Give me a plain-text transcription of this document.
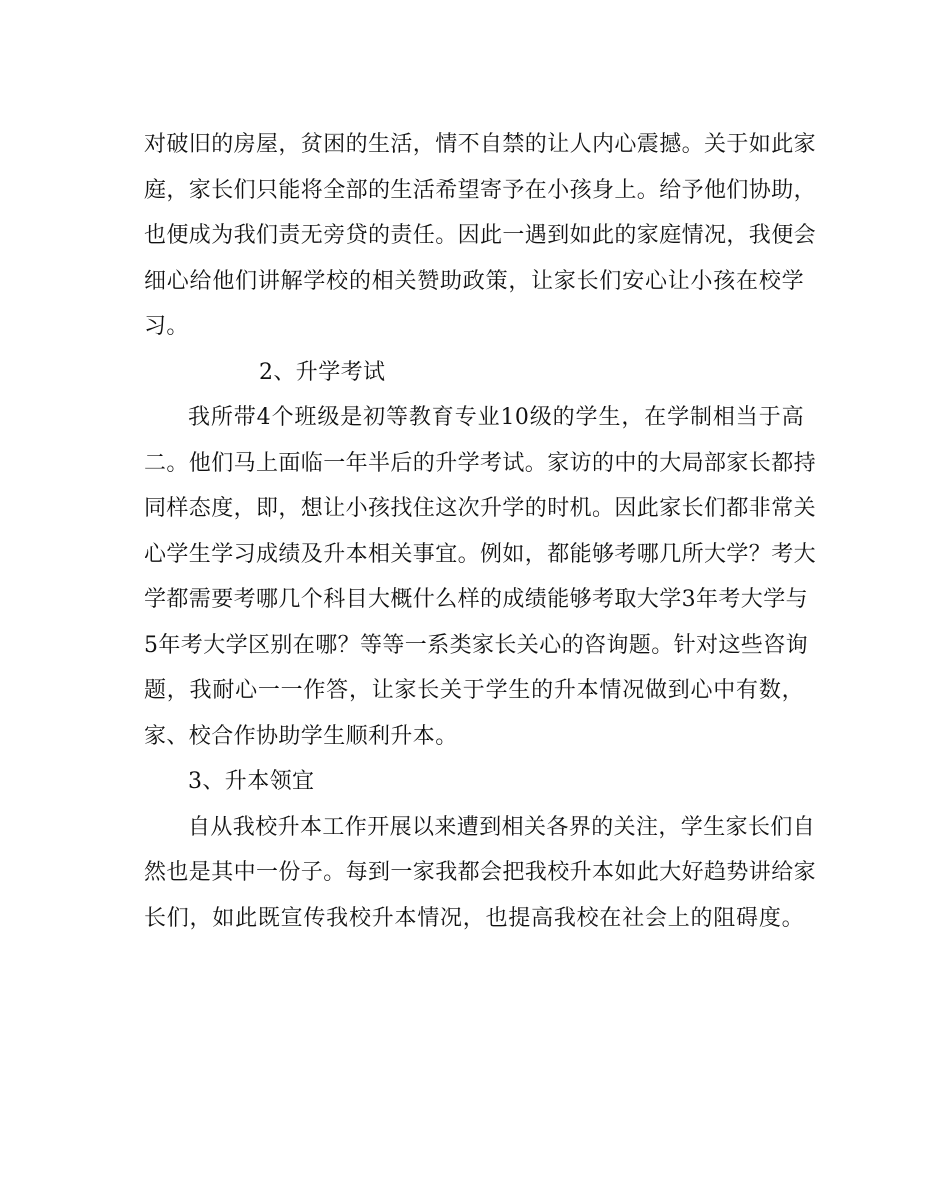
对破旧的房屋，贫困的生活，情不自禁的让人内心震撼。关于如此家
庭，家长们只能将全部的生活希望寄予在小孩身上。给予他们协助，
也便成为我们责无旁贷的责任。因此一遇到如此的家庭情况，我便会
细心给他们讲解学校的相关赞助政策，让家长们安心让小孩在校学
习。
2、升学考试
我所带4个班级是初等教育专业10级的学生，在学制相当于高
二。他们马上面临一年半后的升学考试。家访的中的大局部家长都持
同样态度，即，想让小孩找住这次升学的时机。因此家长们都非常关
心学生学习成绩及升本相关事宜。例如，都能够考哪几所大学？考大
学都需要考哪几个科目大概什么样的成绩能够考取大学3年考大学与
5年考大学区别在哪？等等一系类家长关心的咨询题。针对这些咨询
题，我耐心一一作答，让家长关于学生的升本情况做到心中有数，
家、校合作协助学生顺利升本。
3、升本领宜
自从我校升本工作开展以来遭到相关各界的关注，学生家长们自
然也是其中一份子。每到一家我都会把我校升本如此大好趋势讲给家
长们，如此既宣传我校升本情况，也提高我校在社会上的阻碍度。
